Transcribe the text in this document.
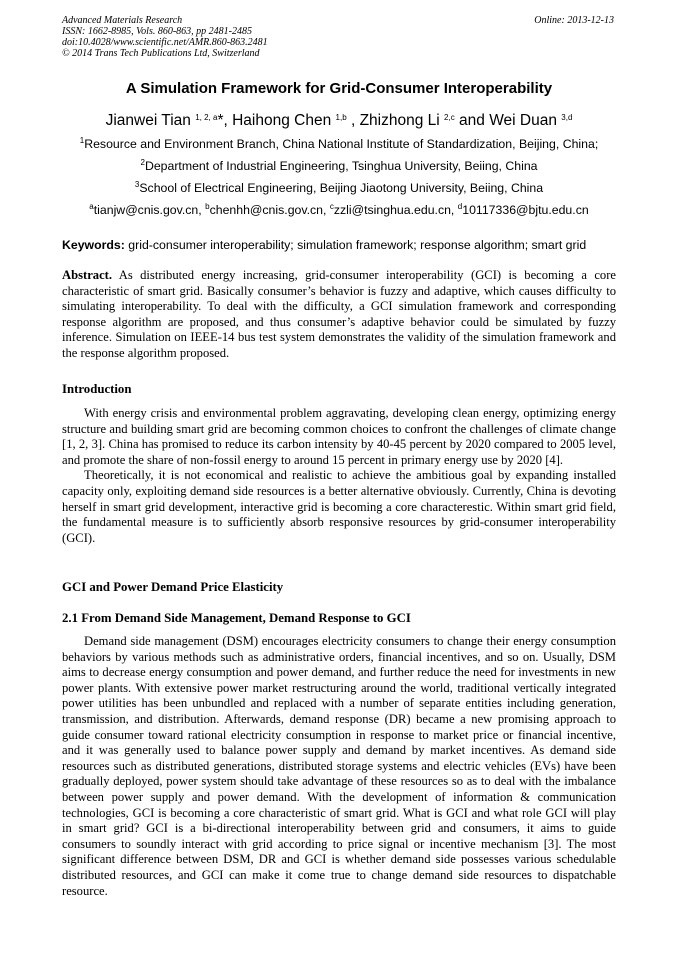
Advanced Materials Research
ISSN: 1662-8985, Vols. 860-863, pp 2481-2485
doi:10.4028/www.scientific.net/AMR.860-863.2481
© 2014 Trans Tech Publications Ltd, Switzerland
Online: 2013-12-13
A Simulation Framework for Grid-Consumer Interoperability
Jianwei Tian $^{1, 2, a}$*, Haihong Chen $^{1,b}$ , Zhizhong Li $^{2,c}$ and Wei Duan $^{3,d}$
$^1$Resource and Environment Branch, China National Institute of Standardization, Beijing, China;
$^2$Department of Industrial Engineering, Tsinghua University, Beiing, China
$^3$School of Electrical Engineering, Beijing Jiaotong University, Beiing, China
$^a$tianjw@cnis.gov.cn, $^b$chenhh@cnis.gov.cn, $^c$zzli@tsinghua.edu.cn, $^d$10117336@bjtu.edu.cn
Keywords: grid-consumer interoperability; simulation framework; response algorithm; smart grid
Abstract. As distributed energy increasing, grid-consumer interoperability (GCI) is becoming a core characteristic of smart grid. Basically consumer’s behavior is fuzzy and adaptive, which causes difficulty to simulating interoperability. To deal with the difficulty, a GCI simulation framework and corresponding response algorithm are proposed, and thus consumer’s adaptive behavior could be simulated by fuzzy inference. Simulation on IEEE-14 bus test system demonstrates the validity of the simulation framework and the response algorithm proposed.
Introduction

With energy crisis and environmental problem aggravating, developing clean energy, optimizing energy structure and building smart grid are becoming common choices to confront the challenges of climate change [1, 2, 3]. China has promised to reduce its carbon intensity by 40-45 percent by 2020 compared to 2005 level, and promote the share of non-fossil energy to around 15 percent in primary energy use by 2020 [4].

Theoretically, it is not economical and realistic to achieve the ambitious goal by expanding installed capacity only, exploiting demand side resources is a better alternative obviously. Currently, China is devoting herself in smart grid development, interactive grid is becoming a core characterestic. Within smart grid field, the fundamental measure is to sufficiently absorb responsive resources by grid-consumer interoperability (GCI).

GCI and Power Demand Price Elasticity
2.1 From Demand Side Management, Demand Response to GCI

Demand side management (DSM) encourages electricity consumers to change their energy consumption behaviors by various methods such as administrative orders, financial incentives, and so on. Usually, DSM aims to decrease energy consumption and power demand, and further reduce the need for investments in new power plants. With extensive power market restructuring around the world, traditional vertically integrated power utilities has been unbundled and replaced with a number of separate entities including generation, transmission, and distribution. Afterwards, demand response (DR) became a new promising approach to guide consumer toward rational electricity consumption in response to market price or financial incentive, and it was generally used to balance power supply and demand by market incentives. As demand side resources such as distributed generations, distributed storage systems and electric vehicles (EVs) have been gradually deployed, power system should take advantage of these resources so as to deal with the imbalance between power supply and power demand. With the development of information & communication technologies, GCI is becoming a core characteristic of smart grid. What is GCI and what role GCI will play in smart grid? GCI is a bi-directional interoperability between grid and consumers, it aims to guide consumers to soundly interact with grid according to price signal or incentive mechanism [3]. The most significant difference between DSM, DR and GCI is whether demand side possesses various schedulable distributed resources, and GCI can make it come true to change demand side resources to dispatchable resource.
